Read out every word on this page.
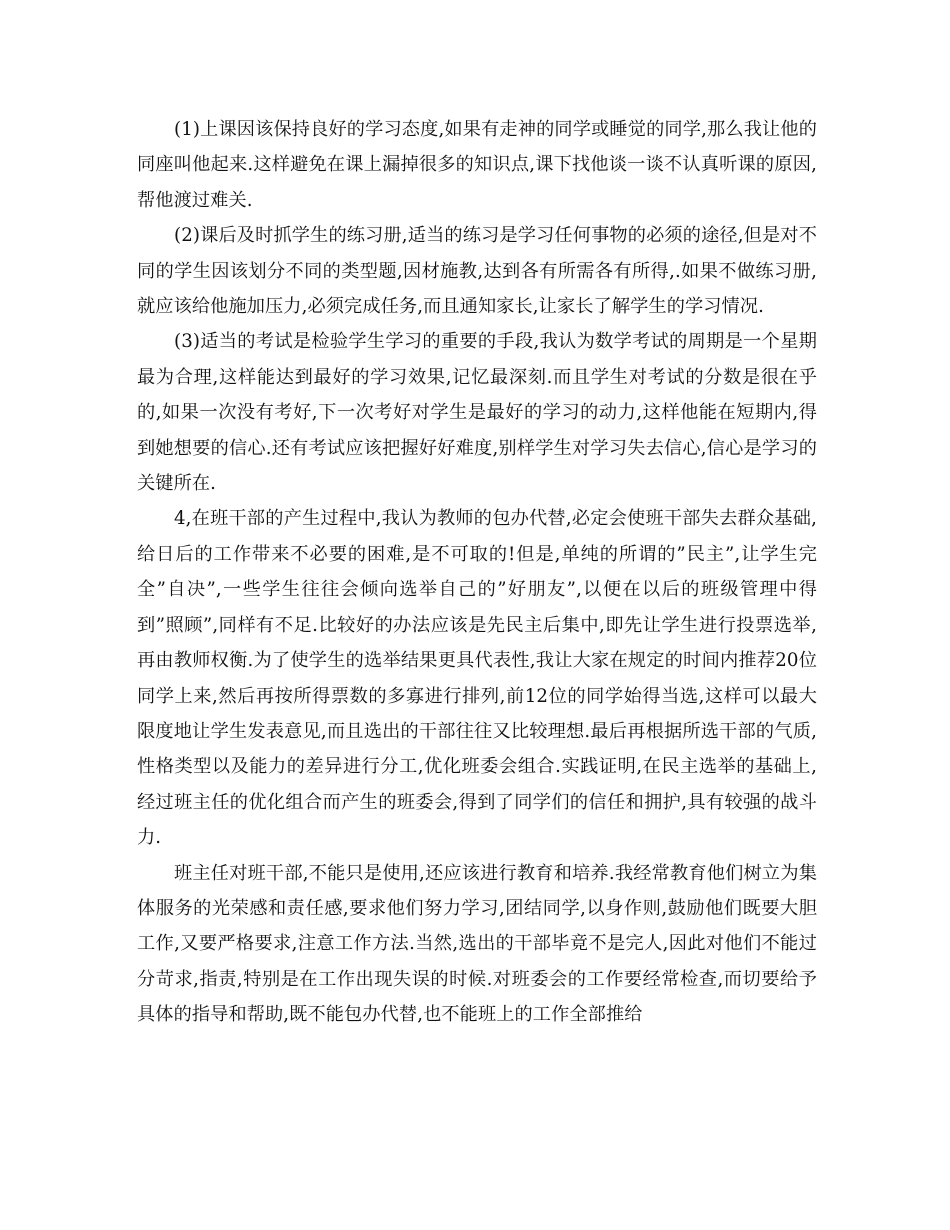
(1)上课因该保持良好的学习态度,如果有走神的同学或睡觉的同学,那么我让他的同座叫他起来.这样避免在课上漏掉很多的知识点,课下找他谈一谈不认真听课的原因,帮他渡过难关.

(2)课后及时抓学生的练习册,适当的练习是学习任何事物的必须的途径,但是对不同的学生因该划分不同的类型题,因材施教,达到各有所需各有所得,.如果不做练习册,就应该给他施加压力,必须完成任务,而且通知家长,让家长了解学生的学习情况.

(3)适当的考试是检验学生学习的重要的手段,我认为数学考试的周期是一个星期最为合理,这样能达到最好的学习效果,记忆最深刻.而且学生对考试的分数是很在乎的,如果一次没有考好,下一次考好对学生是最好的学习的动力,这样他能在短期内,得到她想要的信心.还有考试应该把握好好难度,别样学生对学习失去信心,信心是学习的关键所在.

4,在班干部的产生过程中,我认为教师的包办代替,必定会使班干部失去群众基础,给日后的工作带来不必要的困难,是不可取的!但是,单纯的所谓的”民主”,让学生完全”自决”,一些学生往往会倾向选举自己的”好朋友”,以便在以后的班级管理中得到”照顾”,同样有不足.比较好的办法应该是先民主后集中,即先让学生进行投票选举,再由教师权衡.为了使学生的选举结果更具代表性,我让大家在规定的时间内推荐20位同学上来,然后再按所得票数的多寡进行排列,前12位的同学始得当选,这样可以最大限度地让学生发表意见,而且选出的干部往往又比较理想.最后再根据所选干部的气质,性格类型以及能力的差异进行分工,优化班委会组合.实践证明,在民主选举的基础上,经过班主任的优化组合而产生的班委会,得到了同学们的信任和拥护,具有较强的战斗力.

班主任对班干部,不能只是使用,还应该进行教育和培养.我经常教育他们树立为集体服务的光荣感和责任感,要求他们努力学习,团结同学,以身作则,鼓励他们既要大胆工作,又要严格要求,注意工作方法.当然,选出的干部毕竟不是完人,因此对他们不能过分苛求,指责,特别是在工作出现失误的时候.对班委会的工作要经常检查,而切要给予具体的指导和帮助,既不能包办代替,也不能班上的工作全部推给
